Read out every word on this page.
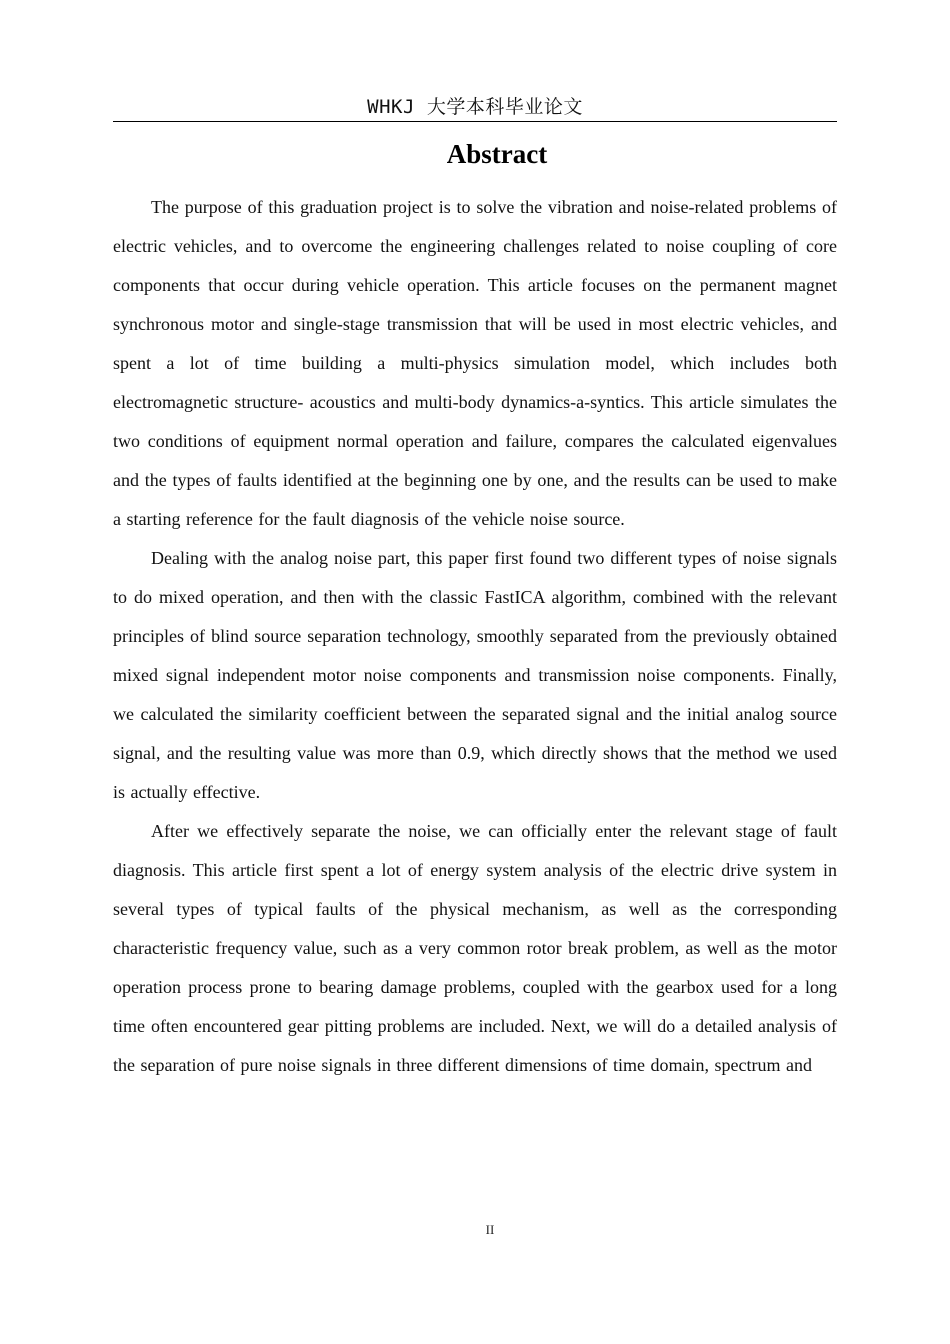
WHKJ 大学本科毕业论文
Abstract

The purpose of this graduation project is to solve the vibration and noise-related problems of electric vehicles, and to overcome the engineering challenges related to noise coupling of core components that occur during vehicle operation. This article focuses on the permanent magnet synchronous motor and single-stage transmission that will be used in most electric vehicles, and spent a lot of time building a multi-physics simulation model, which includes both electromagnetic structure- acoustics and multi-body dynamics-a-syntics. This article simulates the two conditions of equipment normal operation and failure, compares the calculated eigenvalues and the types of faults identified at the beginning one by one, and the results can be used to make a starting reference for the fault diagnosis of the vehicle noise source.

Dealing with the analog noise part, this paper first found two different types of noise signals to do mixed operation, and then with the classic FastICA algorithm, combined with the relevant principles of blind source separation technology, smoothly separated from the previously obtained mixed signal independent motor noise components and transmission noise components. Finally, we calculated the similarity coefficient between the separated signal and the initial analog source signal, and the resulting value was more than 0.9, which directly shows that the method we used is actually effective.

After we effectively separate the noise, we can officially enter the relevant stage of fault diagnosis. This article first spent a lot of energy system analysis of the electric drive system in several types of typical faults of the physical mechanism, as well as the corresponding characteristic frequency value, such as a very common rotor break problem, as well as the motor operation process prone to bearing damage problems, coupled with the gearbox used for a long time often encountered gear pitting problems are included. Next, we will do a detailed analysis of the separation of pure noise signals in three different dimensions of time domain, spectrum and

II
